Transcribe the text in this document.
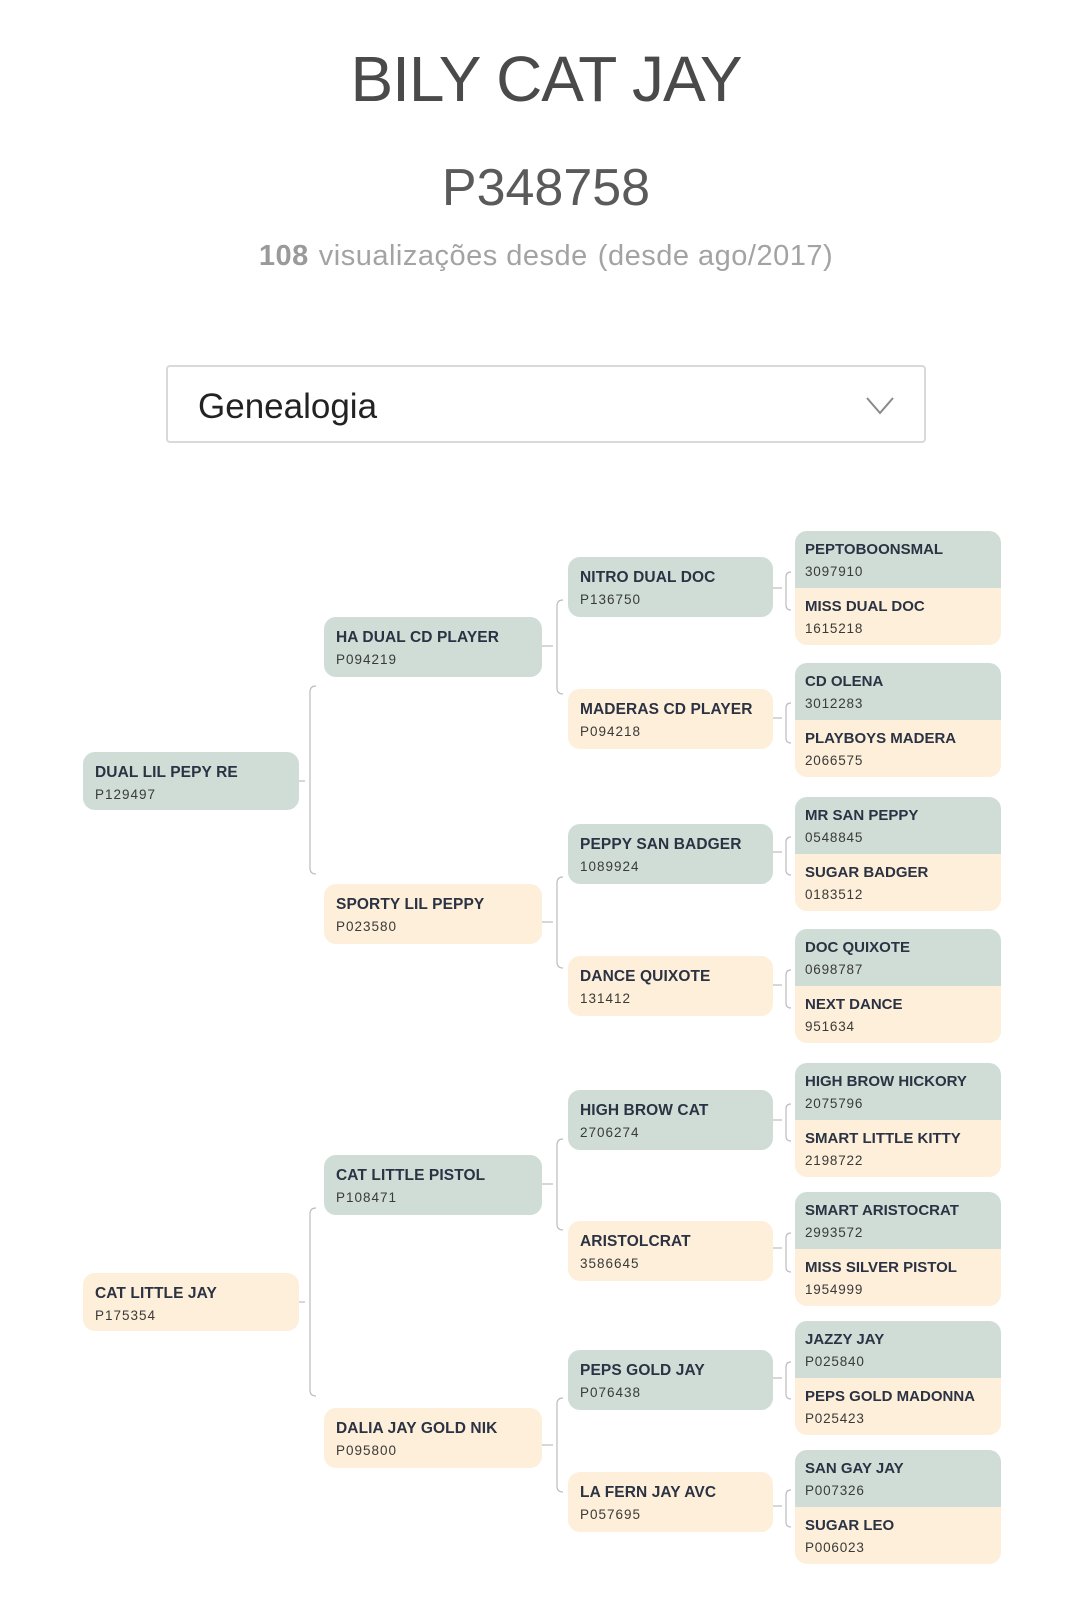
BILY CAT JAY
P348758
108 visualizações desde (desde ago/2017)
Genealogia
DUAL LIL PEPY RE
P129497
CAT LITTLE JAY
P175354
HA DUAL CD PLAYER
P094219
SPORTY LIL PEPPY
P023580
CAT LITTLE PISTOL
P108471
DALIA JAY GOLD NIK
P095800
NITRO DUAL DOC
P136750
MADERAS CD PLAYER
P094218
PEPPY SAN BADGER
1089924
DANCE QUIXOTE
131412
HIGH BROW CAT
2706274
ARISTOLCRAT
3586645
PEPS GOLD JAY
P076438
LA FERN JAY AVC
P057695
PEPTOBOONSMAL
3097910
MISS DUAL DOC
1615218
CD OLENA
3012283
PLAYBOYS MADERA
2066575
MR SAN PEPPY
0548845
SUGAR BADGER
0183512
DOC QUIXOTE
0698787
NEXT DANCE
951634
HIGH BROW HICKORY
2075796
SMART LITTLE KITTY
2198722
SMART ARISTOCRAT
2993572
MISS SILVER PISTOL
1954999
JAZZY JAY
P025840
PEPS GOLD MADONNA
P025423
SAN GAY JAY
P007326
SUGAR LEO
P006023
